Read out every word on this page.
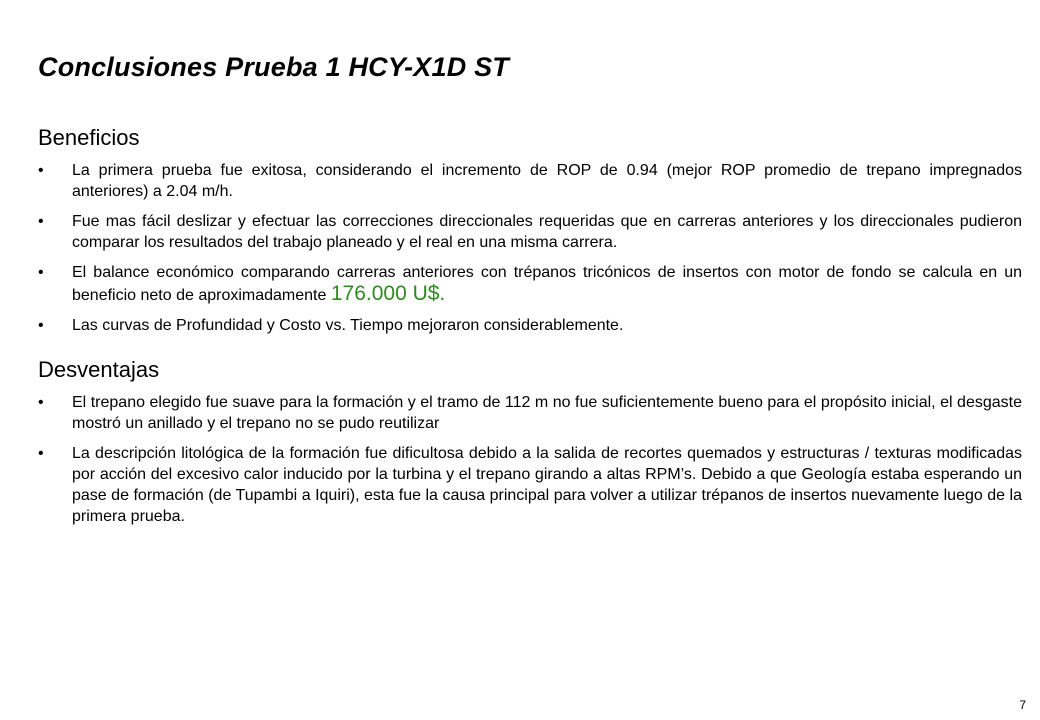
Conclusiones Prueba 1 HCY-X1D ST
Beneficios
• La primera prueba fue exitosa, considerando el incremento de ROP de 0.94 (mejor ROP promedio de trepano impregnados anteriores) a 2.04 m/h.
• Fue mas fácil deslizar y efectuar las correcciones direccionales requeridas que en carreras anteriores y los direccionales pudieron comparar los resultados del trabajo planeado y el real en una misma carrera.
• El balance económico comparando carreras anteriores con trépanos tricónicos de insertos con motor de fondo se calcula en un beneficio neto de aproximadamente 176.000 U$.
• Las curvas de Profundidad y Costo vs. Tiempo mejoraron considerablemente.
Desventajas
• El trepano elegido fue suave para la formación y el tramo de 112 m no fue suficientemente bueno para el propósito inicial, el desgaste mostró un anillado y el trepano no se pudo reutilizar
• La descripción litológica de la formación fue dificultosa debido a la salida de recortes quemados y estructuras / texturas modificadas por acción del excesivo calor inducido por la turbina y el trepano girando a altas RPM’s. Debido a que Geología estaba esperando un pase de formación (de Tupambi a Iquiri), esta fue la causa principal para volver a utilizar trépanos de insertos nuevamente luego de la primera prueba.
7
